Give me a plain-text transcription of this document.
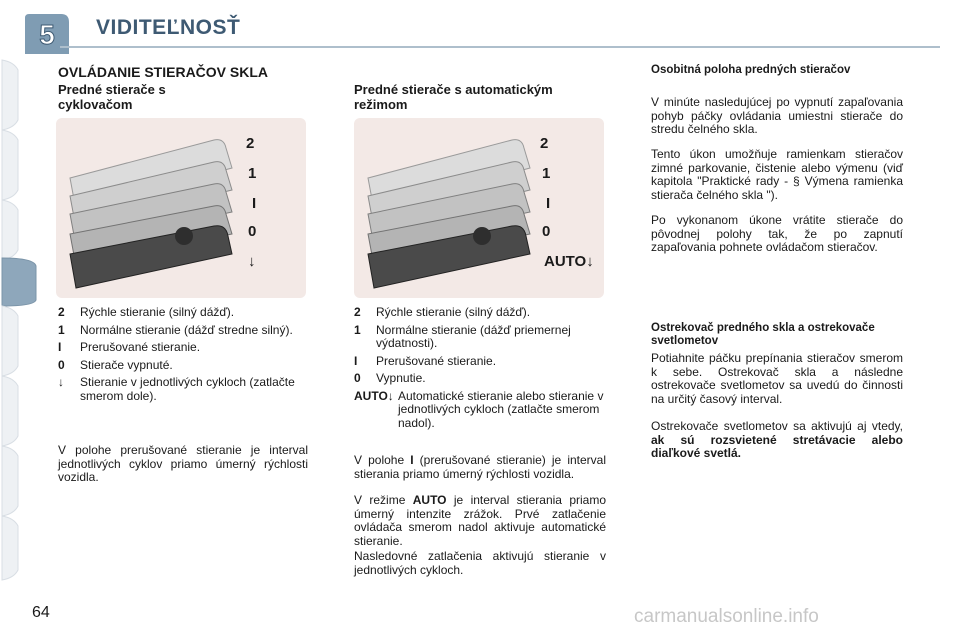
5 VIDITEĽNOSŤ
OVLÁDANIE STIERAČOV SKLA
Predné stierače s cyklovačom
2
1
I
0
↓
2	Rýchle stieranie (silný dážď).
1	Normálne stieranie (dážď stredne silný).
I	Prerušované stieranie.
0	Stierače vypnuté.
↓	Stieranie v jednotlivých cykloch (zatlačte smerom dole).
V polohe prerušované stieranie je interval jednotlivých cyklov priamo úmerný rýchlosti vozidla.
Predné stierače s automatickým režimom
2
1
I
0
AUTO↓
2	Rýchle stieranie (silný dážď).
1	Normálne stieranie (dážď priemernej výdatnosti).
I	Prerušované stieranie.
0	Vypnutie.
AUTO↓ Automatické stieranie alebo stieranie v jednotlivých cykloch (zatlačte smerom nadol).
V polohe I (prerušované stieranie) je interval stierania priamo úmerný rýchlosti vozidla.
V režime AUTO je interval stierania priamo úmerný intenzite zrážok. Prvé zatlačenie ovládača smerom nadol aktivuje automatické stieranie.
Nasledovné zatlačenia aktivujú stieranie v jednotlivých cykloch.
Osobitná poloha predných stieračov
V minúte nasledujúcej po vypnutí zapaľovania pohyb páčky ovládania umiestni stierače do stredu čelného skla.
Tento úkon umožňuje ramienkam stieračov zimné parkovanie, čistenie alebo výmenu (viď kapitola "Praktické rady - § Výmena ramienka stierača čelného skla ").
Po vykonanom úkone vrátite stierače do pôvodnej polohy tak, že po zapnutí zapaľovania pohnete ovládačom stieračov.
Ostrekovač predného skla a ostrekovače svetlometov
Potiahnite páčku prepínania stieračov smerom k sebe. Ostrekovač skla a následne ostrekovače svetlometov sa uvedú do činnosti na určitý časový interval.
Ostrekovače svetlometov sa aktivujú aj vtedy, ak sú rozsvietené stretávacie alebo diaľkové svetlá.
64	carmanualsonline.info
